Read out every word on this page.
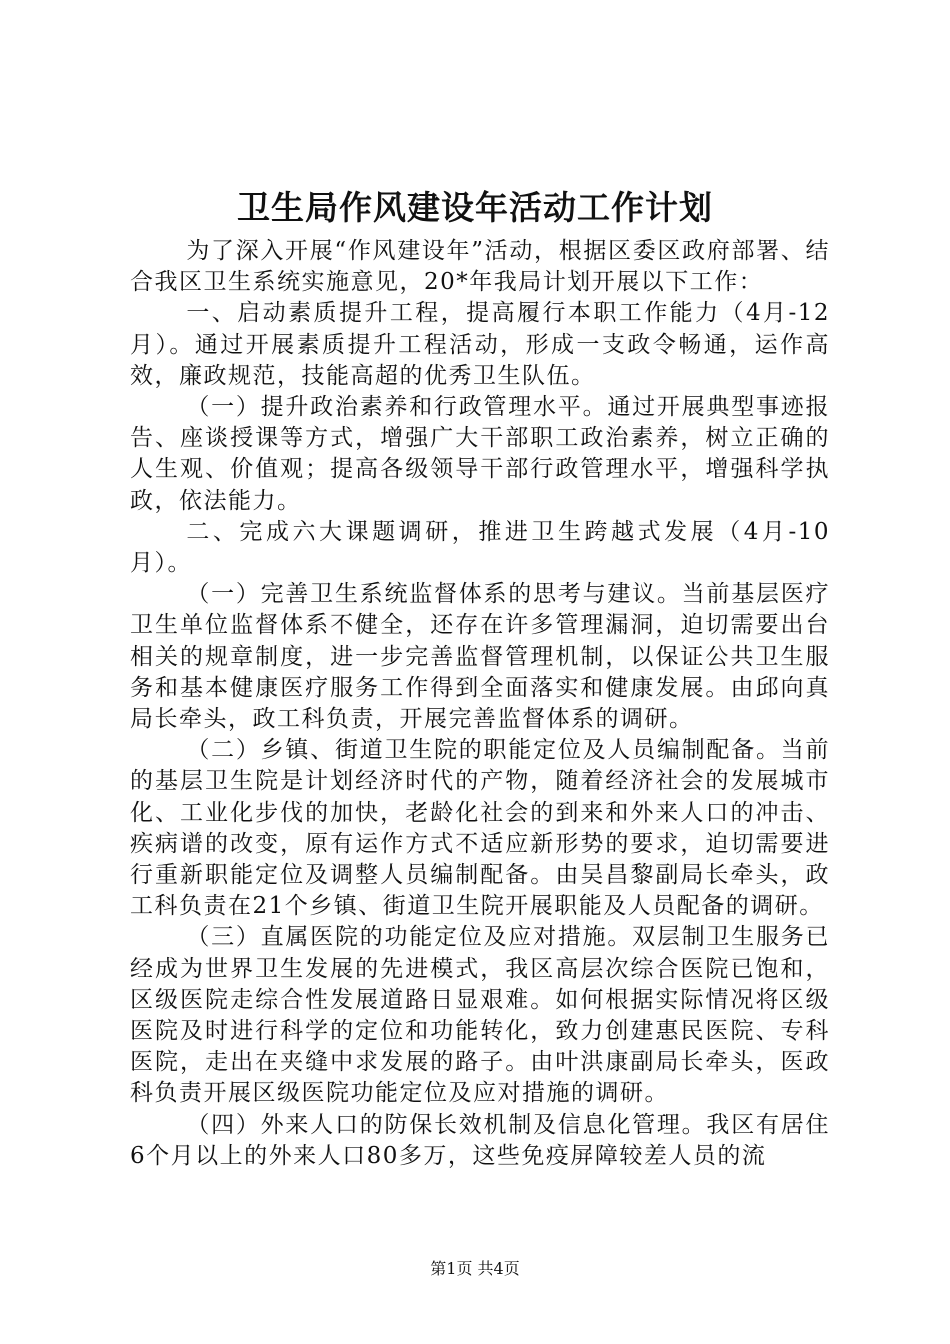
卫生局作风建设年活动工作计划

为了深入开展“作风建设年”活动，根据区委区政府部署、结合我区卫生系统实施意见，20*年我局计划开展以下工作：

一、启动素质提升工程，提高履行本职工作能力（4月-12月）。通过开展素质提升工程活动，形成一支政令畅通，运作高效，廉政规范，技能高超的优秀卫生队伍。

（一）提升政治素养和行政管理水平。通过开展典型事迹报告、座谈授课等方式，增强广大干部职工政治素养，树立正确的人生观、价值观；提高各级领导干部行政管理水平，增强科学执政，依法能力。

二、完成六大课题调研，推进卫生跨越式发展（4月-10月）。

（一）完善卫生系统监督体系的思考与建议。当前基层医疗卫生单位监督体系不健全，还存在许多管理漏洞，迫切需要出台相关的规章制度，进一步完善监督管理机制，以保证公共卫生服务和基本健康医疗服务工作得到全面落实和健康发展。由邱向真局长牵头，政工科负责，开展完善监督体系的调研。

（二）乡镇、街道卫生院的职能定位及人员编制配备。当前的基层卫生院是计划经济时代的产物，随着经济社会的发展城市化、工业化步伐的加快，老龄化社会的到来和外来人口的冲击、疾病谱的改变，原有运作方式不适应新形势的要求，迫切需要进行重新职能定位及调整人员编制配备。由吴昌黎副局长牵头，政工科负责在21个乡镇、街道卫生院开展职能及人员配备的调研。

（三）直属医院的功能定位及应对措施。双层制卫生服务已经成为世界卫生发展的先进模式，我区高层次综合医院已饱和，区级医院走综合性发展道路日显艰难。如何根据实际情况将区级医院及时进行科学的定位和功能转化，致力创建惠民医院、专科医院，走出在夹缝中求发展的路子。由叶洪康副局长牵头，医政科负责开展区级医院功能定位及应对措施的调研。

（四）外来人口的防保长效机制及信息化管理。我区有居住6个月以上的外来人口80多万，这些免疫屏障较差人员的流

第1页 共4页
